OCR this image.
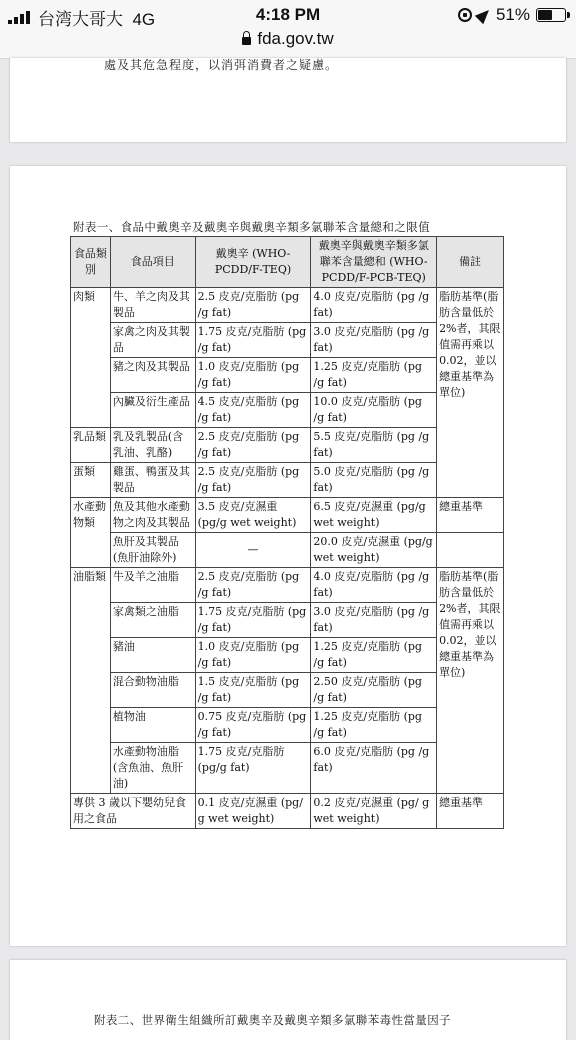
台湾大哥大 4G	4:18 PM	51%
fda.gov.tw
處及其危急程度，以消弭消費者之疑慮。
附表一、食品中戴奧辛及戴奧辛與戴奧辛類多氯聯苯含量總和之限值
食品類別	食品項目	戴奧辛 (WHO-PCDD/F-TEQ)	戴奧辛與戴奧辛類多氯聯苯含量總和 (WHO-PCDD/F-PCB-TEQ)	備註
肉類	牛、羊之肉及其製品	2.5 皮克/克脂肪 (pg /g fat)	4.0 皮克/克脂肪 (pg /g fat)	脂肪基準(脂肪含量低於 2%者，其限值需再乘以 0.02，並以總重基準為單位)
	家禽之肉及其製品	1.75 皮克/克脂肪 (pg /g fat)	3.0 皮克/克脂肪 (pg /g fat)	
	豬之肉及其製品	1.0 皮克/克脂肪 (pg /g fat)	1.25 皮克/克脂肪 (pg /g fat)	
	內臟及衍生產品	4.5 皮克/克脂肪 (pg /g fat)	10.0 皮克/克脂肪 (pg /g fat)	
乳品類	乳及乳製品(含乳油、乳酪)	2.5 皮克/克脂肪 (pg /g fat)	5.5 皮克/克脂肪 (pg /g fat)	
蛋類	雞蛋、鴨蛋及其製品	2.5 皮克/克脂肪 (pg /g fat)	5.0 皮克/克脂肪 (pg /g fat)	
水產動物類	魚及其他水產動物之肉及其製品	3.5 皮克/克濕重 (pg/g wet weight)	6.5 皮克/克濕重 (pg/g wet weight)	總重基準
	魚肝及其製品(魚肝油除外)	—	20.0 皮克/克濕重 (pg/g wet weight)	
油脂類	牛及羊之油脂	2.5 皮克/克脂肪 (pg /g fat)	4.0 皮克/克脂肪 (pg /g fat)	脂肪基準(脂肪含量低於 2%者，其限值需再乘以 0.02，並以總重基準為單位)
	家禽類之油脂	1.75 皮克/克脂肪 (pg /g fat)	3.0 皮克/克脂肪 (pg /g fat)	
	豬油	1.0 皮克/克脂肪 (pg /g fat)	1.25 皮克/克脂肪 (pg /g fat)	
	混合動物油脂	1.5 皮克/克脂肪 (pg /g fat)	2.50 皮克/克脂肪 (pg /g fat)	
	植物油	0.75 皮克/克脂肪 (pg /g fat)	1.25 皮克/克脂肪 (pg /g fat)	
	水產動物油脂(含魚油、魚肝油)	1.75 皮克/克脂肪(pg/g fat)	6.0 皮克/克脂肪 (pg /g fat)	
專供 3 歲以下嬰幼兒食用之食品		0.1 皮克/克濕重 (pg/ g wet weight)	0.2 皮克/克濕重 (pg/ g wet weight)	總重基準
附表二、世界衛生組織所訂戴奧辛及戴奧辛類多氯聯苯毒性當量因子
